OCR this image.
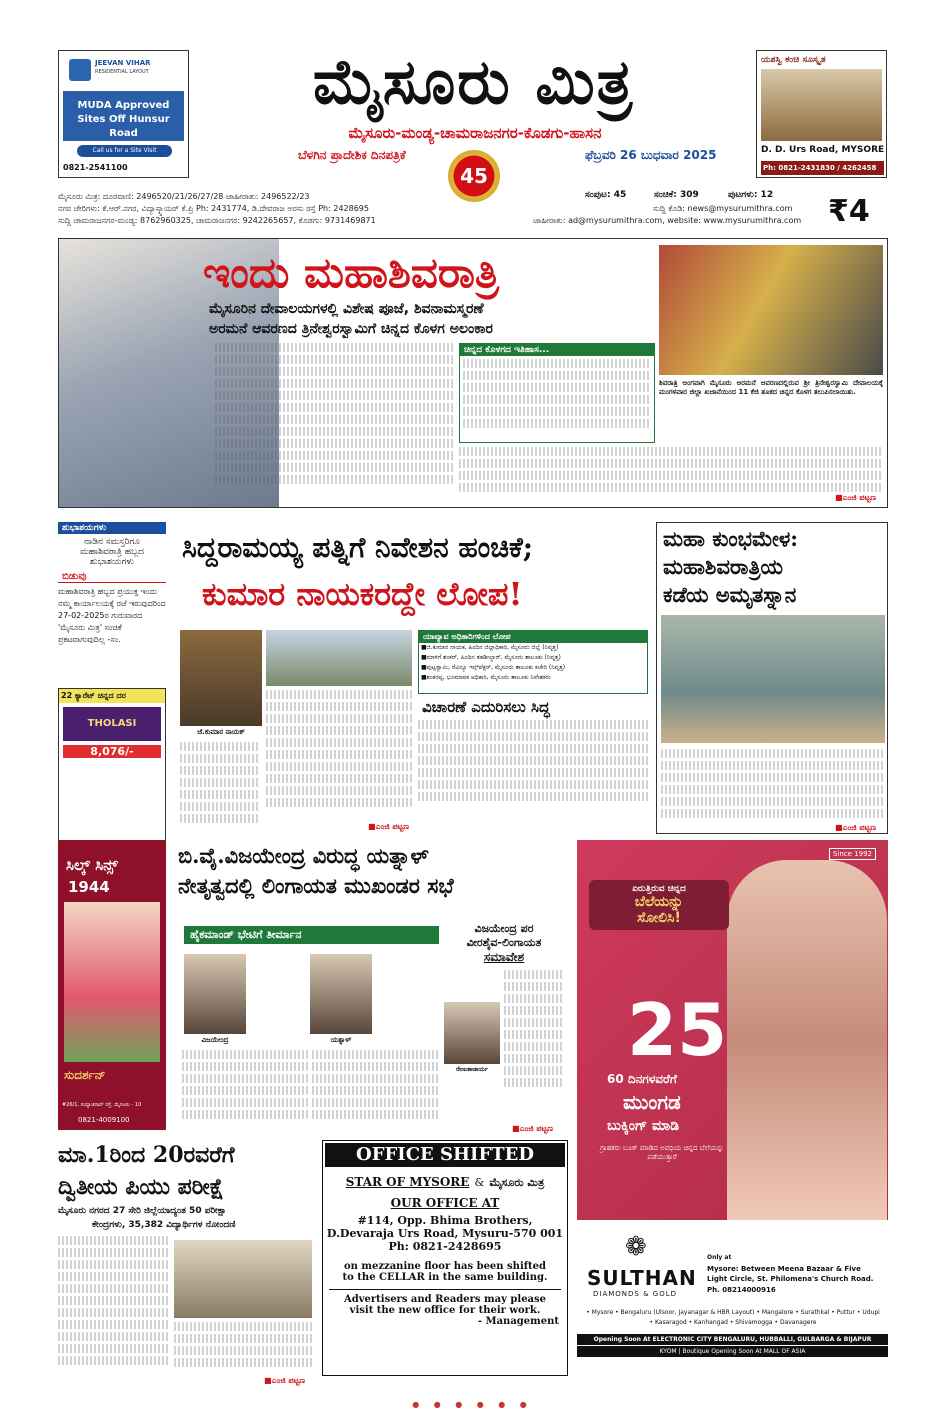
JEEVAN VIHAR
RESIDENTIAL LAYOUT
MUDA Approved Sites Off Hunsur Road
Call us for a Site Visit
0821-2541100
ಮೈಸೂರು ಮಿತ್ರ
ಮೈಸೂರು-ಮಂಡ್ಯ-ಚಾಮರಾಜನಗರ-ಕೊಡಗು-ಹಾಸನ
ಬೆಳಗಿನ ಪ್ರಾದೇಶಿಕ ದಿನಪತ್ರಿಕೆ	ಫೆಬ್ರವರಿ 26 ಬುಧವಾರ 2025
45
ಯಶಸ್ವಿ ಕಂಚಿ ಸೂಸ್ಕೃತ
D. D. Urs Road, MYSORE
Ph: 0821-2431830 / 4262458
ಮೈಸೂರು ಮಿತ್ರ: ದೂರವಾಣಿ: 2496520/21/26/27/28 ಜಾಹೀರಾತು: 2496522/23
ನಗರ ಚೇರಿಗಳು: ಕೆ.ಆರ್.ನಗರ, ವಿದ್ಯಾಸ್ಕ್ವಾಯರ್ ಕೆ.ಪ್ರಿ Ph: 2431774, ಡಿ.ದೇವರಾಜ ಅರಸು ರಸ್ತೆ Ph: 2428695
ಸುದ್ದಿ ಚಾಮರಾಜನಗರ-ಮಂಡ್ಯ: 8762960325, ಚಾಮರಾಜನಗರ: 9242265657, ಕೊಡಗು: 9731469871
ಸಂಪುಟ: 45	ಸಂಚಿಕೆ: 309	ಪುಟಗಳು: 12
ಸುದ್ದಿ ಕೊಡಿ: news@mysurumithra.com
ಜಾಹೀರಾತು: ad@mysurumithra.com, website: www.mysurumithra.com ₹4
ಇಂದು ಮಹಾಶಿವರಾತ್ರಿ
ಮೈಸೂರಿನ ದೇವಾಲಯಗಳಲ್ಲಿ ವಿಶೇಷ ಪೂಜೆ, ಶಿವನಾಮಸ್ಮರಣೆ
ಅರಮನೆ ಆವರಣದ ತ್ರಿನೇಶ್ವರಸ್ವಾಮಿಗೆ ಚಿನ್ನದ ಕೊಳಗ ಅಲಂಕಾರ
ಚಿನ್ನದ ಕೊಳಗದ ಇತಿಹಾಸ...
ಶಿವರಾತ್ರಿ ಅಂಗವಾಗಿ ಮೈಸೂರು ಅರಮನೆ ಆವರಣದಲ್ಲಿರುವ ಶ್ರೀ ತ್ರಿನೇಶ್ವರಸ್ವಾಮಿ ದೇವಾಲಯಕ್ಕೆ ಮಂಗಳವಾರ ಜಿಲ್ಲಾ ಖಜಾನೆಯಿಂದ 11 ಕೆಜಿ ತೂಕದ ಚಿನ್ನದ ಕೊಳಗ ತಲುಪಿಸಲಾಯಿತು.
■ಎಂಜಿ ಪಟ್ಟಣ
ಶುಭಾಶಯಗಳು
ನಾಡಿನ ಸಮಸ್ತರಿಗೂ
ಮಹಾಶಿವರಾತ್ರಿ ಹಬ್ಬದ
ಶುಭಾಶಯಗಳು
ಬಿಡುವು
ಮಹಾಶಿವರಾತ್ರಿ ಹಬ್ಬದ ಪ್ರಯುಕ್ತ ಇಂದು ನಮ್ಮ ಕಾರ್ಯಾಲಯಕ್ಕೆ ರಜೆ ಇರುವುದರಿಂದ 27-02-2025ರ ಗುರುವಾರದ 'ಮೈಸೂರು ಮಿತ್ರ' ಸಂಚಿಕೆ ಪ್ರಕಟವಾಗುವುದಿಲ್ಲ -ಸಂ.
22 ಕ್ಯಾರೆಟ್ ಚಿನ್ನದ ದರ
THOLASI
8,076/-
ಸಿದ್ದರಾಮಯ್ಯ ಪತ್ನಿಗೆ ನಿವೇಶನ ಹಂಚಿಕೆ;
ಕುಮಾರ ನಾಯಕರದ್ದೇ ಲೋಪ!
ಜೆ.ಕುಮಾರ ನಾಯಕ್
ಯಾವ್ಯಾವ ಅಧಿಕಾರಿಗಳಿಂದ ಲೋಪ
■ಜಿ.ಕುಮಾರ ನಾಯಕ, ಹಿಂದಿನ ಜಿಲ್ಲಾಧಿಕಾರಿ, ಮೈಸೂರು ಜಿಲ್ಲೆ (ನಿವೃತ್ತ)
■ಮಾಳಿಗೆ ಶಂಕರ್, ಹಿಂದಿನ ತಹಶೀಲ್ದಾರ್, ಮೈಸೂರು ತಾಲೂಕು (ನಿವೃತ್ತ)
■ಪುಟ್ಟಸ್ವಾಮಿ, ರೆವಿನ್ಯೂ ಇನ್ಸ್‌ಪೆಕ್ಟರ್, ಮೈಸೂರು ತಾಲೂಕು ಕಚೇರಿ (ನಿವೃತ್ತ)
■ಶಂಕರಪ್ಪ, ಭೂಮಾಪಕ ಅಧಿಕಾರಿ, ಮೈಸೂರು ತಾಲೂಕು ನಿವೇಶಕರು
ವಿಚಾರಣೆ ಎದುರಿಸಲು ಸಿದ್ಧ
■ಎಂಜಿ ಪಟ್ಟಣ
ಮಹಾ ಕುಂಭಮೇಳ:
ಮಹಾಶಿವರಾತ್ರಿಯ
ಕಡೆಯ ಅಮೃತಸ್ನಾನ
■ಎಂಜಿ ಪಟ್ಟಣ
ಸಿಲ್ಕ್ ಸಿನ್ಸ್
1944
ಸುದರ್ಶನ್
#26/1, ಸಯ್ಯಾಜಿರಾವ್ ರಸ್ತೆ, ಮೈಸೂರು - 10
0821-4009100
ಬಿ.ವೈ.ವಿಜಯೇಂದ್ರ ವಿರುದ್ಧ ಯತ್ನಾಳ್
ನೇತೃತ್ವದಲ್ಲಿ ಲಿಂಗಾಯತ ಮುಖಂಡರ ಸಭೆ
ಹೈಕಮಾಂಡ್ ಭೇಟಿಗೆ ತೀರ್ಮಾನ	ವಿಜಯೇಂದ್ರ ಪರ
ವೀರಶೈವ-ಲಿಂಗಾಯತ
ಸಮಾವೇಶ
ವಿಜಯೇಂದ್ರ	ಯತ್ನಾಳ್
ರೇಣುಕಾಚಾರ್ಯ
■ಎಂಜಿ ಪಟ್ಟಣ
Since 1992
ಏರುತ್ತಿರುವ ಚಿನ್ನದ
ಬೆಲೆಯನ್ನು
ಸೋಲಿಸಿ!
25
60 ದಿನಗಳವರೆಗೆ
ಮುಂಗಡ
ಬುಕ್ಕಿಂಗ್ ಮಾಡಿ
ಗ್ರಾಹಕರು ಬೂಕ್ ಮಾಡಿದ ಅವಧಿಯ ಚಿನ್ನದ ಬೆಲೆಯನ್ನು ಪಡೆಯುತ್ತಾರೆ
❁
SULTHAN
DIAMONDS & GOLD
Only at
Mysore: Between Meena Bazaar & Five Light Circle, St. Philomena's Church Road.
Ph. 08214000916
• Mysore • Bengaluru (Ulsoor, Jayanagar & HBR Layout) • Mangalore • Surathkal • Puttur • Udupi • Kasaragod • Kanhangad • Shivamogga • Davanagere
Opening Soon At ELECTRONIC CITY BENGALURU, HUBBALLI, GULBARGA & BIJAPUR
KYOM | Boutique Opening Soon At MALL OF ASIA
ಮಾ.1ರಿಂದ 20ರವರೆಗೆ
ದ್ವಿತೀಯ ಪಿಯು ಪರೀಕ್ಷೆ
ಮೈಸೂರು ನಗರದ 27 ಸೇರಿ ಜಿಲ್ಲೆಯಾದ್ಯಂತ 50 ಪರೀಕ್ಷಾ
ಕೇಂದ್ರಗಳು, 35,382 ವಿದ್ಯಾರ್ಥಿಗಳ ನೋಂದಣಿ
■ಎಂಜಿ ಪಟ್ಟಣ
OFFICE SHIFTED
STAR OF MYSORE & ಮೈಸೂರು ಮಿತ್ರ
OUR OFFICE AT
#114, Opp. Bhima Brothers,
D.Devaraja Urs Road, Mysuru-570 001
Ph: 0821-2428695
on mezzanine floor has been shifted
to the CELLAR in the same building.
Advertisers and Readers may please
visit the new office for their work.
- Management
● ● ● ● ● ●
